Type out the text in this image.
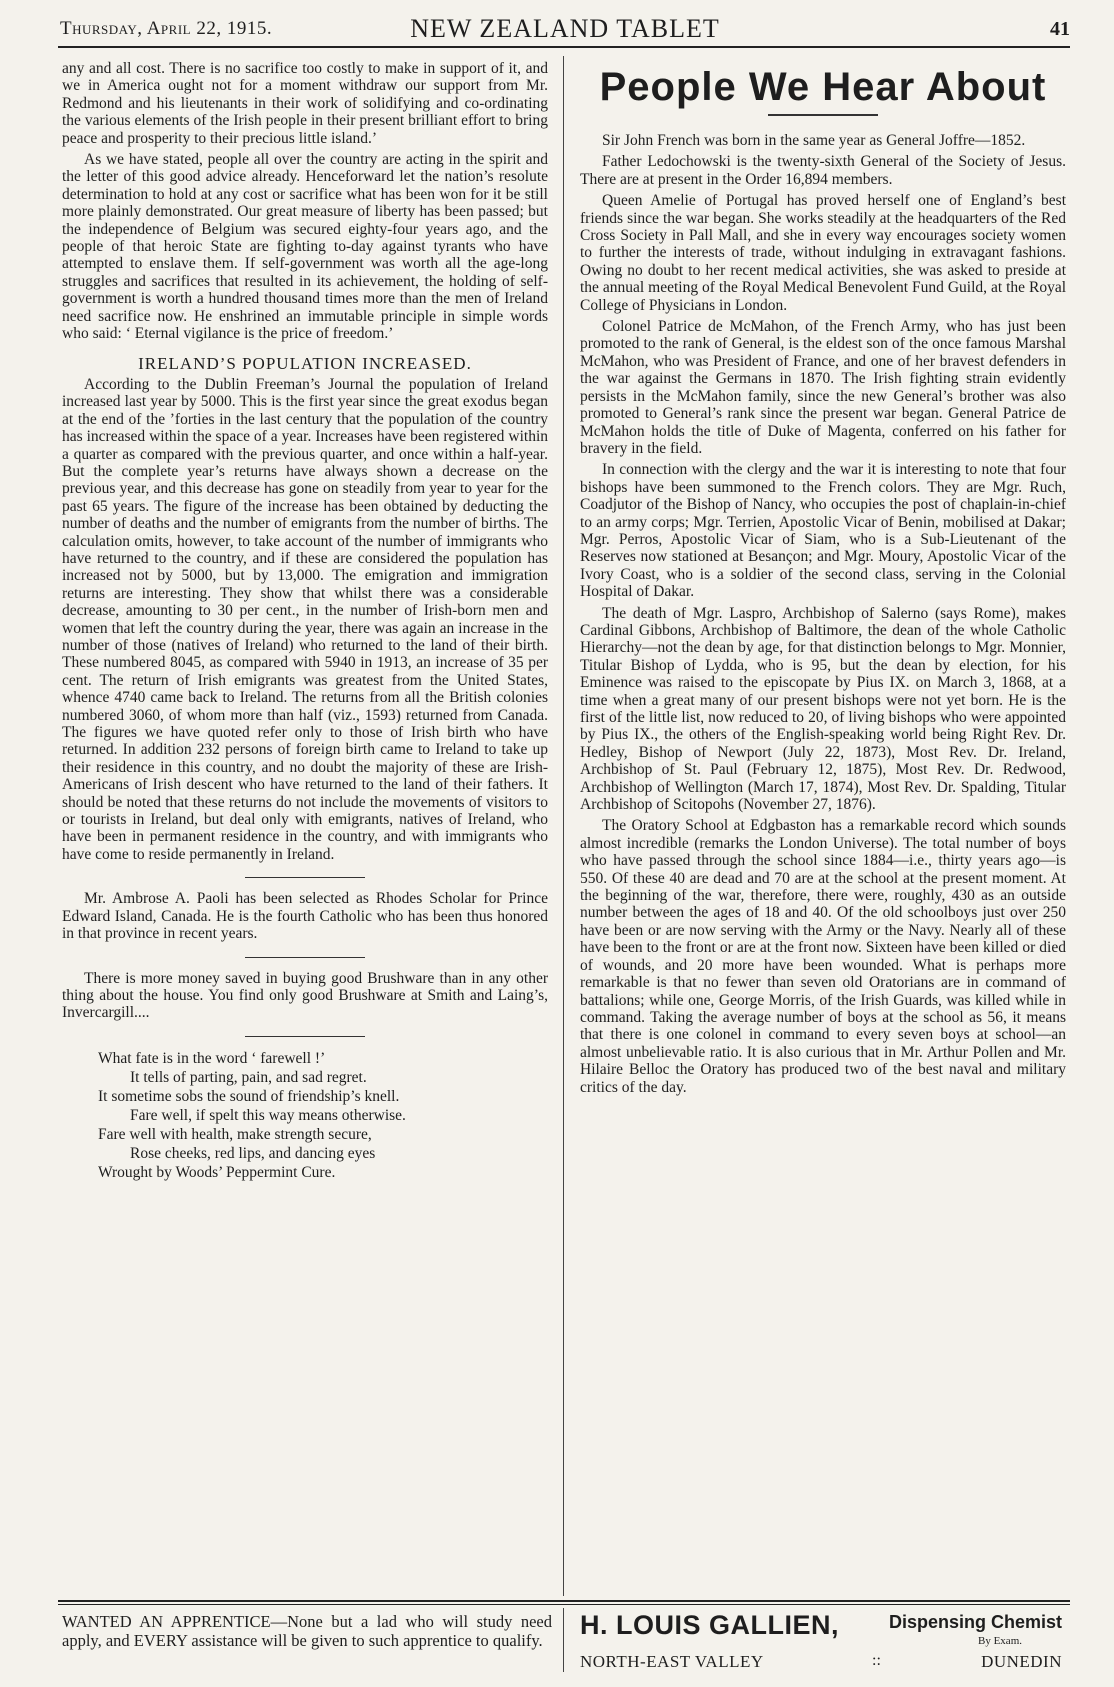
Thursday, April 22, 1915.	NEW ZEALAND TABLET	41

any and all cost. There is no sacrifice too costly to make in support of it, and we in America ought not for a moment withdraw our support from Mr. Redmond and his lieutenants in their work of solidifying and co-ordinating the various elements of the Irish people in their present brilliant effort to bring peace and prosperity to their precious little island.’

As we have stated, people all over the country are acting in the spirit and the letter of this good advice already. Henceforward let the nation’s resolute determination to hold at any cost or sacrifice what has been won for it be still more plainly demonstrated. Our great measure of liberty has been passed; but the independence of Belgium was secured eighty-four years ago, and the people of that heroic State are fighting to-day against tyrants who have attempted to enslave them. If self-government was worth all the age-long struggles and sacrifices that resulted in its achievement, the holding of self-government is worth a hundred thousand times more than the men of Ireland need sacrifice now. He enshrined an immutable principle in simple words who said: ‘ Eternal vigilance is the price of freedom.’

IRELAND’S POPULATION INCREASED.

According to the Dublin Freeman’s Journal the population of Ireland increased last year by 5000. This is the first year since the great exodus began at the end of the ’forties in the last century that the population of the country has increased within the space of a year. Increases have been registered within a quarter as compared with the previous quarter, and once within a half-year. But the complete year’s returns have always shown a decrease on the previous year, and this decrease has gone on steadily from year to year for the past 65 years. The figure of the increase has been obtained by deducting the number of deaths and the number of emigrants from the number of births. The calculation omits, however, to take account of the number of immigrants who have returned to the country, and if these are considered the population has increased not by 5000, but by 13,000. The emigration and immigration returns are interesting. They show that whilst there was a considerable decrease, amounting to 30 per cent., in the number of Irish-born men and women that left the country during the year, there was again an increase in the number of those (natives of Ireland) who returned to the land of their birth. These numbered 8045, as compared with 5940 in 1913, an increase of 35 per cent. The return of Irish emigrants was greatest from the United States, whence 4740 came back to Ireland. The returns from all the British colonies numbered 3060, of whom more than half (viz., 1593) returned from Canada. The figures we have quoted refer only to those of Irish birth who have returned. In addition 232 persons of foreign birth came to Ireland to take up their residence in this country, and no doubt the majority of these are Irish-Americans of Irish descent who have returned to the land of their fathers. It should be noted that these returns do not include the movements of visitors to or tourists in Ireland, but deal only with emigrants, natives of Ireland, who have been in permanent residence in the country, and with immigrants who have come to reside permanently in Ireland.

Mr. Ambrose A. Paoli has been selected as Rhodes Scholar for Prince Edward Island, Canada. He is the fourth Catholic who has been thus honored in that province in recent years.

There is more money saved in buying good Brushware than in any other thing about the house. You find only good Brushware at Smith and Laing’s, Invercargill....

What fate is in the word ‘ farewell !’
It tells of parting, pain, and sad regret.
It sometime sobs the sound of friendship’s knell.
Fare well, if spelt this way means otherwise.
Fare well with health, make strength secure,
Rose cheeks, red lips, and dancing eyes
Wrought by Woods’ Peppermint Cure.
People We Hear About

Sir John French was born in the same year as General Joffre—1852.

Father Ledochowski is the twenty-sixth General of the Society of Jesus. There are at present in the Order 16,894 members.

Queen Amelie of Portugal has proved herself one of England’s best friends since the war began. She works steadily at the headquarters of the Red Cross Society in Pall Mall, and she in every way encourages society women to further the interests of trade, without indulging in extravagant fashions. Owing no doubt to her recent medical activities, she was asked to preside at the annual meeting of the Royal Medical Benevolent Fund Guild, at the Royal College of Physicians in London.

Colonel Patrice de McMahon, of the French Army, who has just been promoted to the rank of General, is the eldest son of the once famous Marshal McMahon, who was President of France, and one of her bravest defenders in the war against the Germans in 1870. The Irish fighting strain evidently persists in the McMahon family, since the new General’s brother was also promoted to General’s rank since the present war began. General Patrice de McMahon holds the title of Duke of Magenta, conferred on his father for bravery in the field.

In connection with the clergy and the war it is interesting to note that four bishops have been summoned to the French colors. They are Mgr. Ruch, Coadjutor of the Bishop of Nancy, who occupies the post of chaplain-in-chief to an army corps; Mgr. Terrien, Apostolic Vicar of Benin, mobilised at Dakar; Mgr. Perros, Apostolic Vicar of Siam, who is a Sub-Lieutenant of the Reserves now stationed at Besançon; and Mgr. Moury, Apostolic Vicar of the Ivory Coast, who is a soldier of the second class, serving in the Colonial Hospital of Dakar.

The death of Mgr. Laspro, Archbishop of Salerno (says Rome), makes Cardinal Gibbons, Archbishop of Baltimore, the dean of the whole Catholic Hierarchy—not the dean by age, for that distinction belongs to Mgr. Monnier, Titular Bishop of Lydda, who is 95, but the dean by election, for his Eminence was raised to the episcopate by Pius IX. on March 3, 1868, at a time when a great many of our present bishops were not yet born. He is the first of the little list, now reduced to 20, of living bishops who were appointed by Pius IX., the others of the English-speaking world being Right Rev. Dr. Hedley, Bishop of Newport (July 22, 1873), Most Rev. Dr. Ireland, Archbishop of St. Paul (February 12, 1875), Most Rev. Dr. Redwood, Archbishop of Wellington (March 17, 1874), Most Rev. Dr. Spalding, Titular Archbishop of Scitopohs (November 27, 1876).

The Oratory School at Edgbaston has a remarkable record which sounds almost incredible (remarks the London Universe). The total number of boys who have passed through the school since 1884—i.e., thirty years ago—is 550. Of these 40 are dead and 70 are at the school at the present moment. At the beginning of the war, therefore, there were, roughly, 430 as an outside number between the ages of 18 and 40. Of the old schoolboys just over 250 have been or are now serving with the Army or the Navy. Nearly all of these have been to the front or are at the front now. Sixteen have been killed or died of wounds, and 20 more have been wounded. What is perhaps more remarkable is that no fewer than seven old Oratorians are in command of battalions; while one, George Morris, of the Irish Guards, was killed while in command. Taking the average number of boys at the school as 56, it means that there is one colonel in command to every seven boys at school—an almost unbelievable ratio. It is also curious that in Mr. Arthur Pollen and Mr. Hilaire Belloc the Oratory has produced two of the best naval and military critics of the day.

WANTED AN APPRENTICE—None but a lad who will study need apply, and EVERY assistance will be given to such apprentice to qualify.
H. LOUIS GALLIEN,	Dispensing Chemist
By Exam.
NORTH-EAST VALLEY	::	DUNEDIN
